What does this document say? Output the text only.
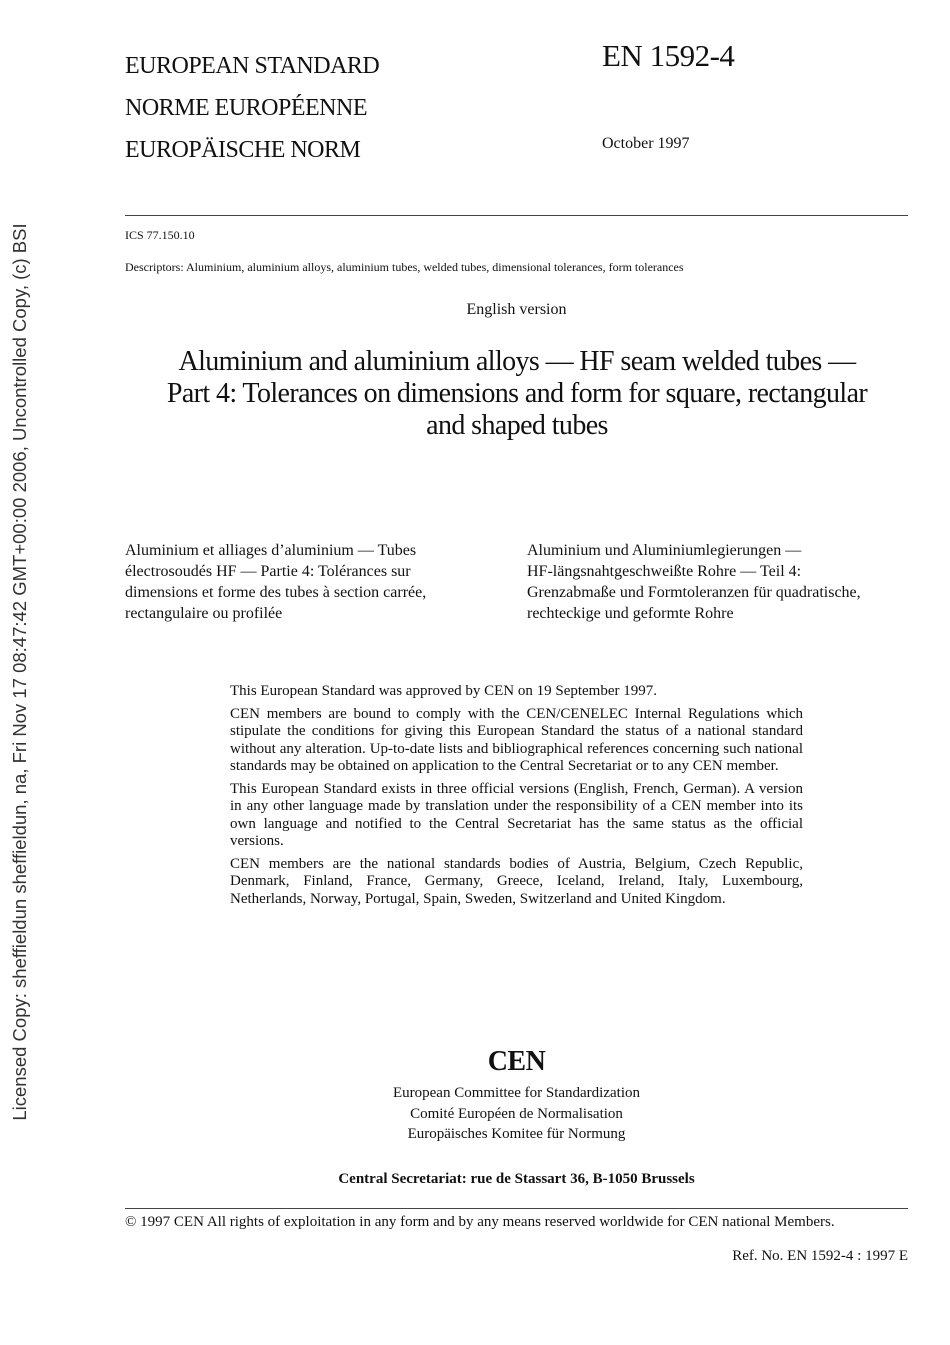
Licensed Copy: sheffieldun sheffieldun, na, Fri Nov 17 08:47:42 GMT+00:00 2006, Uncontrolled Copy, (c) BSI
EUROPEAN STANDARD
NORME EUROPÉENNE
EUROPÄISCHE NORM
EN 1592-4
October 1997
ICS 77.150.10
Descriptors: Aluminium, aluminium alloys, aluminium tubes, welded tubes, dimensional tolerances, form tolerances
English version
Aluminium and aluminium alloys — HF seam welded tubes —
Part 4: Tolerances on dimensions and form for square, rectangular
and shaped tubes
Aluminium et alliages d’aluminium — Tubes
électrosoudés HF — Partie 4: Tolérances sur
dimensions et forme des tubes à section carrée,
rectangulaire ou profilée
Aluminium und Aluminiumlegierungen —
HF-längsnahtgeschweißte Rohre — Teil 4:
Grenzabmaße und Formtoleranzen für quadratische,
rechteckige und geformte Rohre

This European Standard was approved by CEN on 19 September 1997.

CEN members are bound to comply with the CEN/CENELEC Internal Regulations which stipulate the conditions for giving this European Standard the status of a national standard without any alteration. Up-to-date lists and bibliographical references concerning such national standards may be obtained on application to the Central Secretariat or to any CEN member.

This European Standard exists in three official versions (English, French, German). A version in any other language made by translation under the responsibility of a CEN member into its own language and notified to the Central Secretariat has the same status as the official versions.

CEN members are the national standards bodies of Austria, Belgium, Czech Republic, Denmark, Finland, France, Germany, Greece, Iceland, Ireland, Italy, Luxembourg, Netherlands, Norway, Portugal, Spain, Sweden, Switzerland and United Kingdom.

CEN
European Committee for Standardization
Comité Européen de Normalisation
Europäisches Komitee für Normung
Central Secretariat: rue de Stassart 36, B-1050 Brussels
© 1997 CEN All rights of exploitation in any form and by any means reserved worldwide for CEN national Members.
Ref. No. EN 1592-4 : 1997 E
